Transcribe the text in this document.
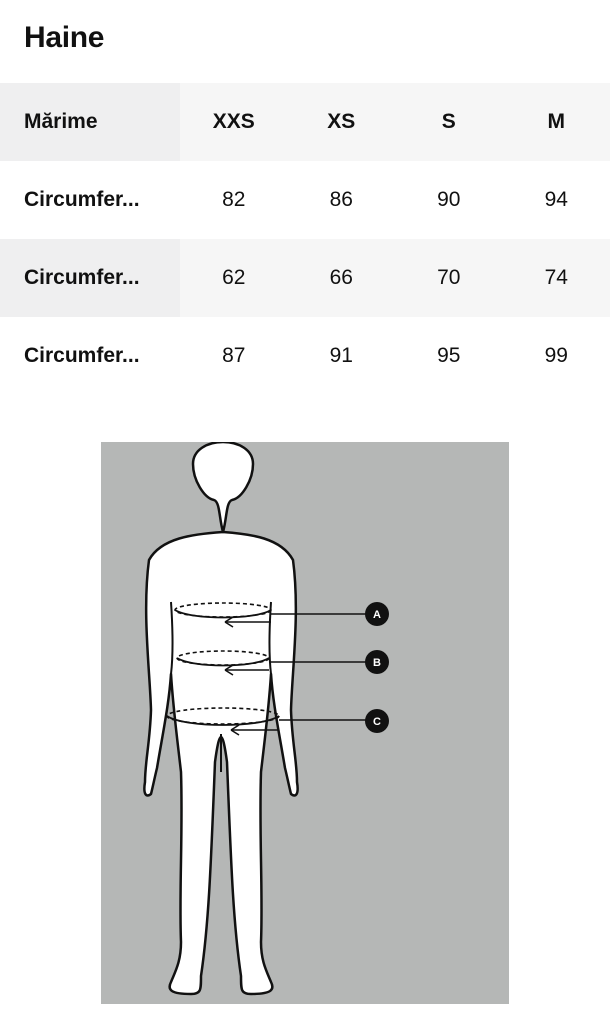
Haine
Mărime	XXS	XS	S	M
Circumfer...	82	86	90	94
Circumfer...	62	66	70	74
Circumfer...	87	91	95	99
A
B
C
